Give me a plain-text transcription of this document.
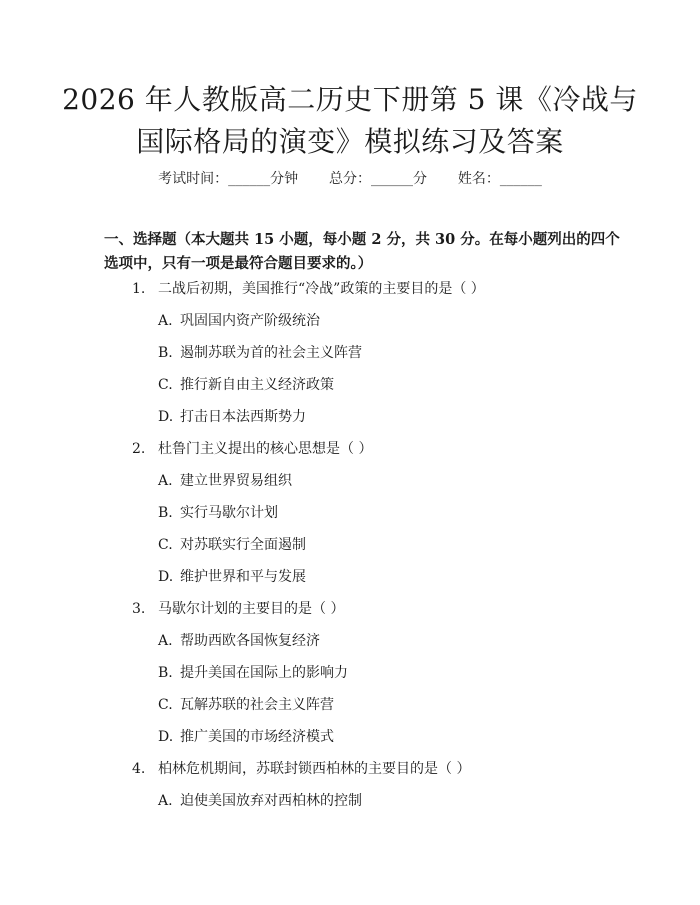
2026 年人教版高二历史下册第 5 课《冷战与
国际格局的演变》模拟练习及答案
考试时间：______分钟 总分：______分 姓名：______
一、选择题（本大题共 15 小题，每小题 2 分，共 30 分。在每小题列出的四个选项中，只有一项是最符合题目要求的。）
1. 二战后初期，美国推行“冷战”政策的主要目的是（ ）
A. 巩固国内资产阶级统治
B. 遏制苏联为首的社会主义阵营
C. 推行新自由主义经济政策
D. 打击日本法西斯势力
2. 杜鲁门主义提出的核心思想是（ ）
A. 建立世界贸易组织
B. 实行马歇尔计划
C. 对苏联实行全面遏制
D. 维护世界和平与发展
3. 马歇尔计划的主要目的是（ ）
A. 帮助西欧各国恢复经济
B. 提升美国在国际上的影响力
C. 瓦解苏联的社会主义阵营
D. 推广美国的市场经济模式
4. 柏林危机期间，苏联封锁西柏林的主要目的是（ ）
A. 迫使美国放弃对西柏林的控制
